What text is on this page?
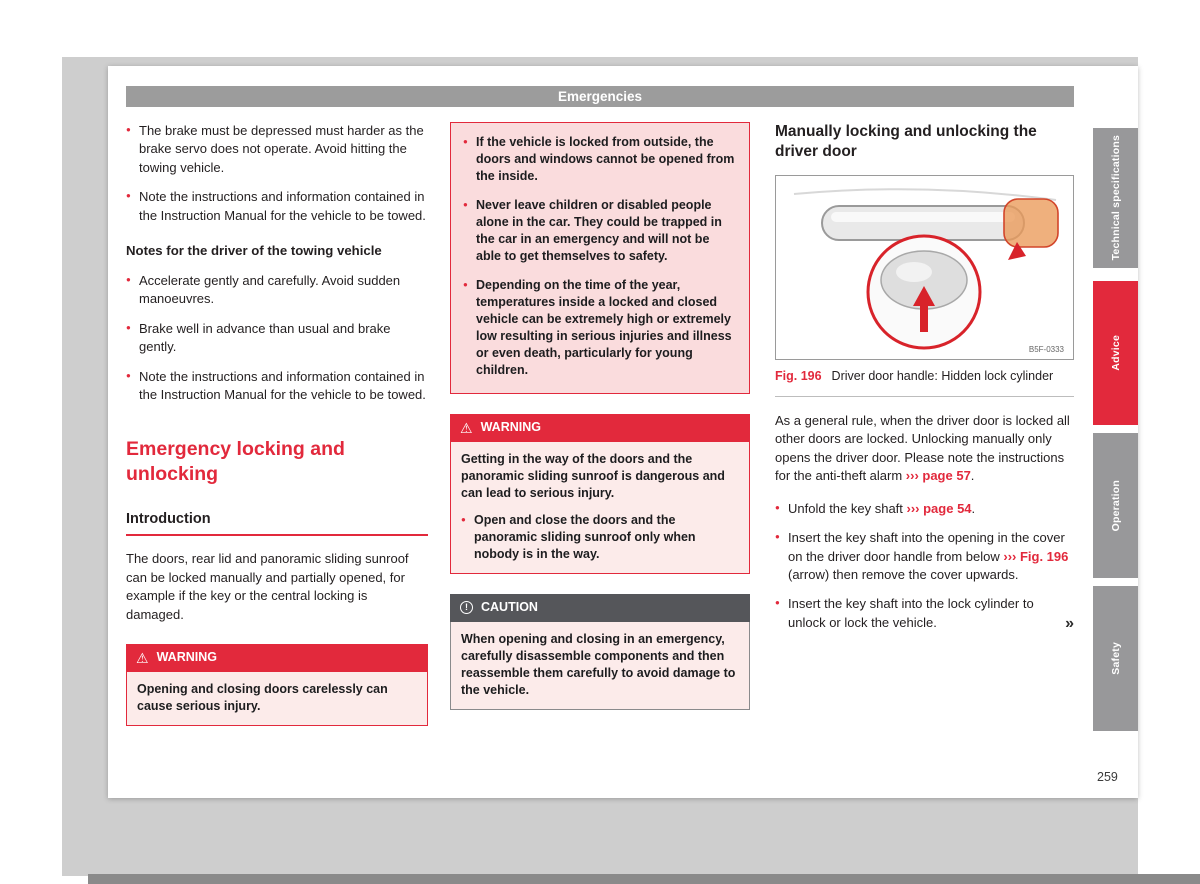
Emergencies
● The brake must be depressed must harder as the brake servo does not operate. Avoid hitting the towing vehicle.
● Note the instructions and information contained in the Instruction Manual for the vehicle to be towed.
Notes for the driver of the towing vehicle
● Accelerate gently and carefully. Avoid sudden manoeuvres.
● Brake well in advance than usual and brake gently.
● Note the instructions and information contained in the Instruction Manual for the vehicle to be towed.
Emergency locking and unlocking
Introduction

The doors, rear lid and panoramic sliding sunroof can be locked manually and partially opened, for example if the key or the central locking is damaged.

⚠ WARNING

Opening and closing doors carelessly can cause serious injury.

● If the vehicle is locked from outside, the doors and windows cannot be opened from the inside.
● Never leave children or disabled people alone in the car. They could be trapped in the car in an emergency and will not be able to get themselves to safety.
● Depending on the time of the year, temperatures inside a locked and closed vehicle can be extremely high or extremely low resulting in serious injuries and illness or even death, particularly for young children.
⚠ WARNING

Getting in the way of the doors and the panoramic sliding sunroof is dangerous and can lead to serious injury.

● Open and close the doors and the panoramic sliding sunroof only when nobody is in the way.
!	CAUTION

When opening and closing in an emergency, carefully disassemble components and then reassemble them carefully to avoid damage to the vehicle.

Manually locking and unlocking the driver door
B5F-0333
Fig. 196 Driver door handle: Hidden lock cylinder

As a general rule, when the driver door is locked all other doors are locked. Unlocking manually only opens the driver door. Please note the instructions for the anti-theft alarm ››› page 57.

● Unfold the key shaft ››› page 54.
● Insert the key shaft into the opening in the cover on the driver door handle from below ››› Fig. 196 (arrow) then remove the cover upwards.
● Insert the key shaft into the lock cylinder to unlock or lock the vehicle.	»
Technical specifications
Advice
Operation
Safety
259
